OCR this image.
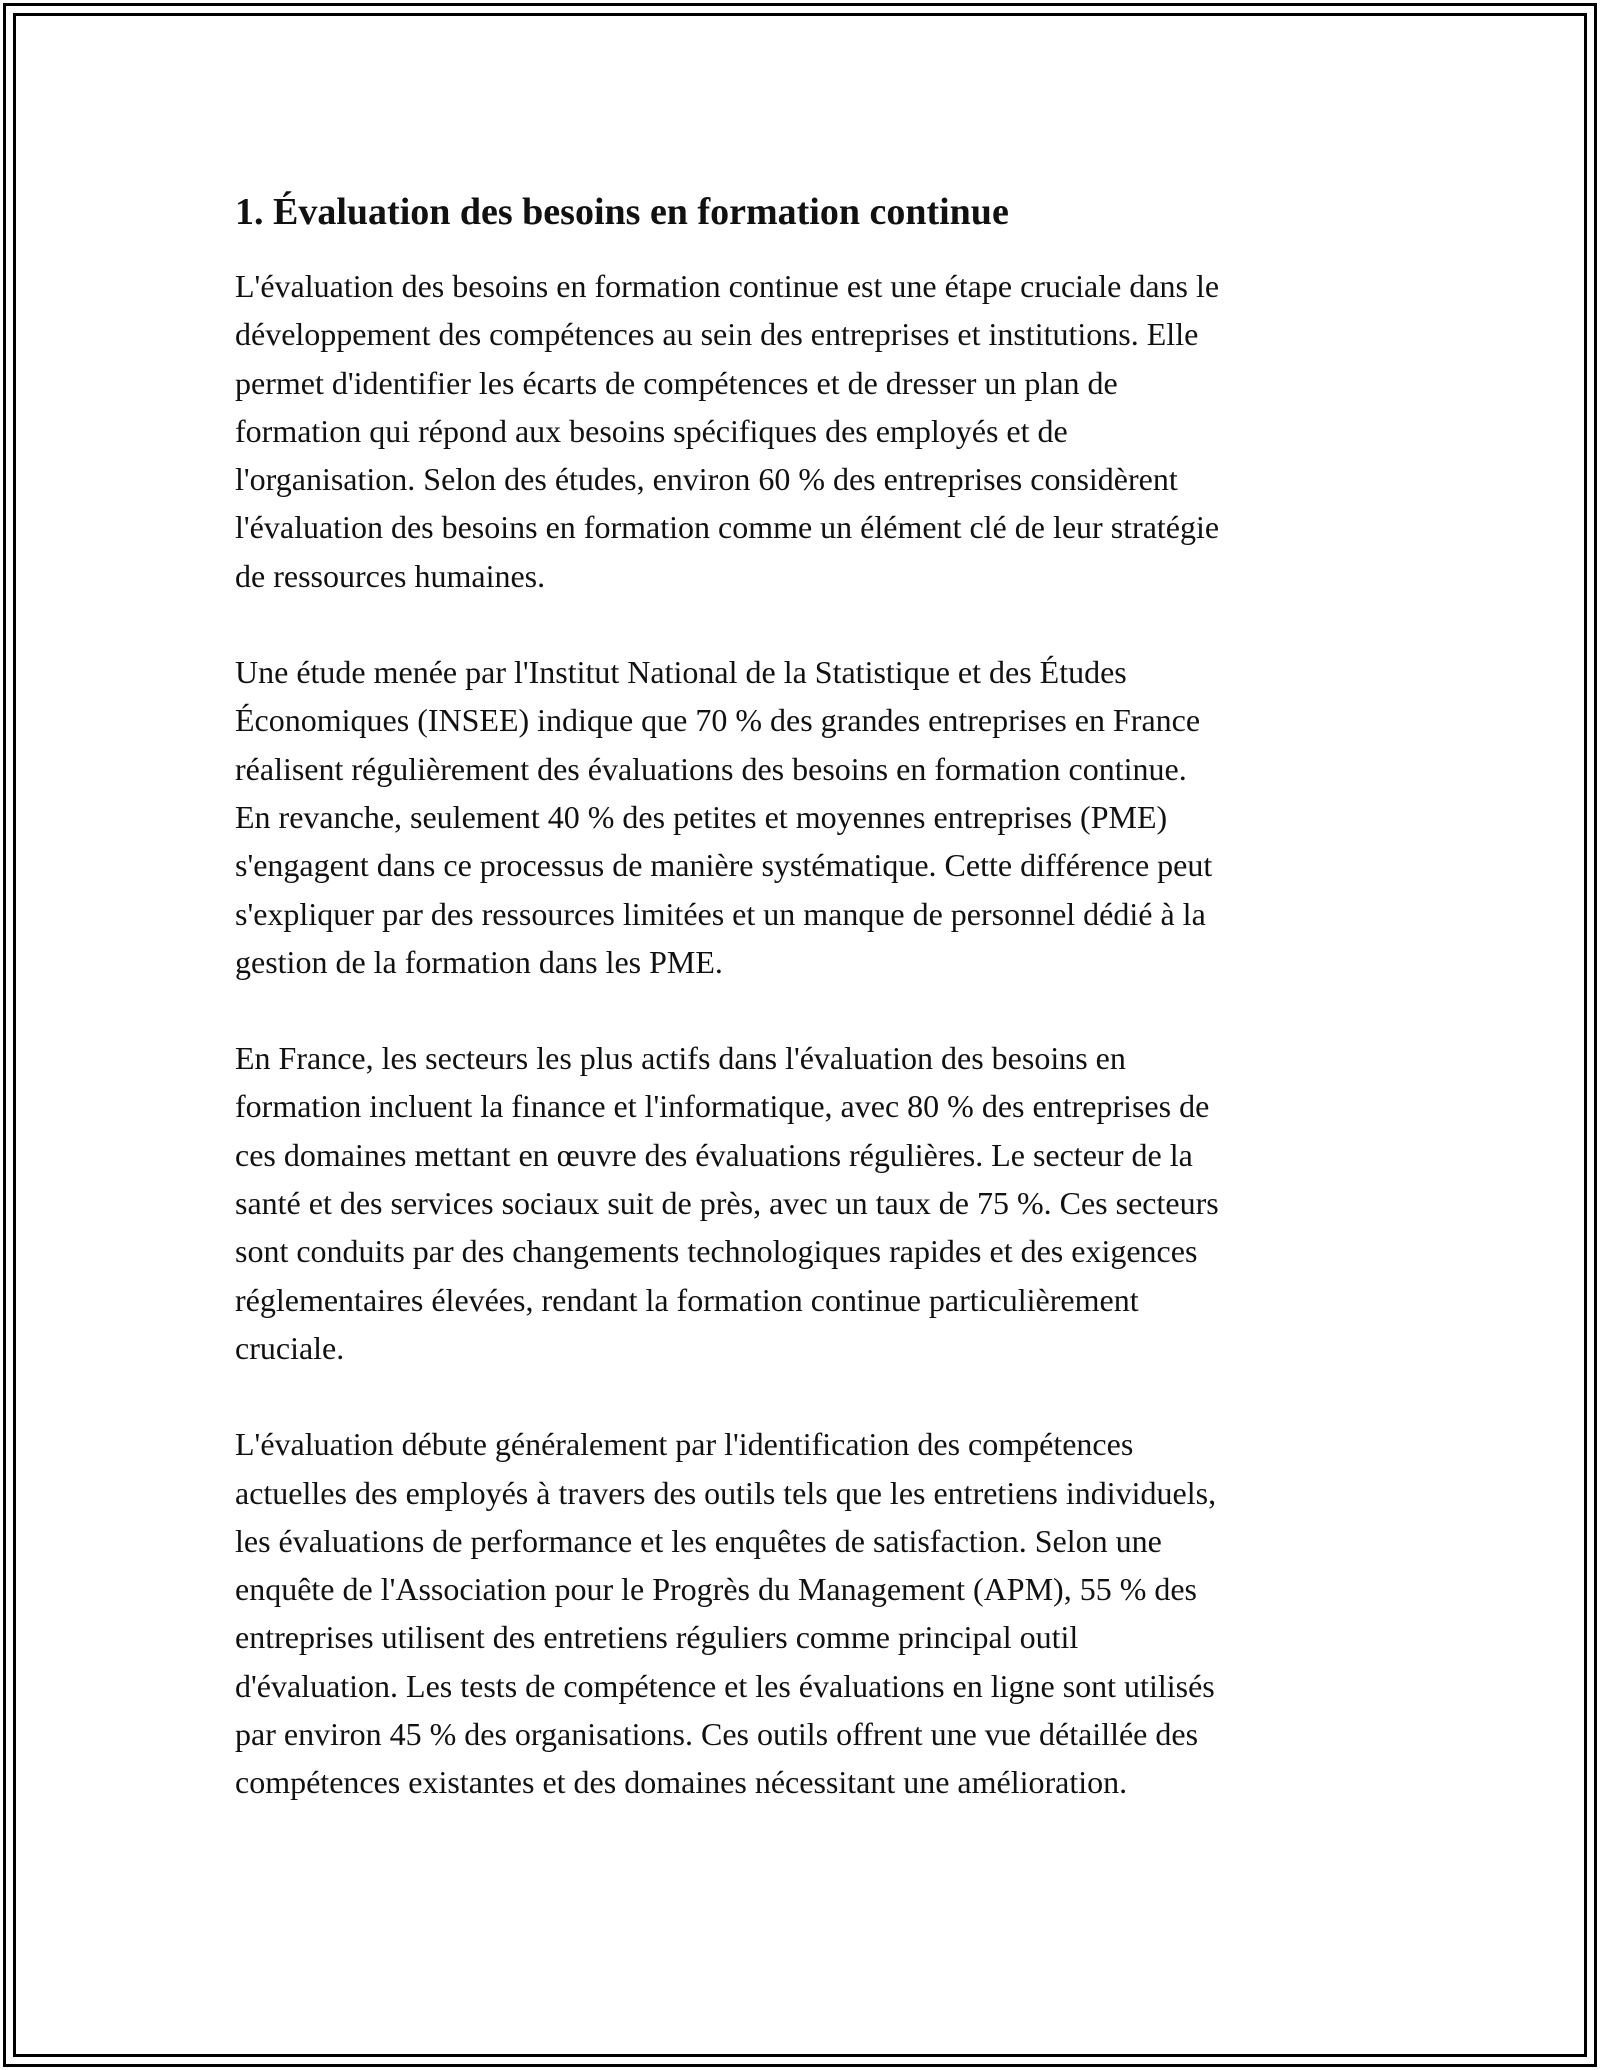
1. Évaluation des besoins en formation continue

L'évaluation des besoins en formation continue est une étape cruciale dans le
développement des compétences au sein des entreprises et institutions. Elle
permet d'identifier les écarts de compétences et de dresser un plan de
formation qui répond aux besoins spécifiques des employés et de
l'organisation. Selon des études, environ 60 % des entreprises considèrent
l'évaluation des besoins en formation comme un élément clé de leur stratégie
de ressources humaines.

Une étude menée par l'Institut National de la Statistique et des Études
Économiques (INSEE) indique que 70 % des grandes entreprises en France
réalisent régulièrement des évaluations des besoins en formation continue.
En revanche, seulement 40 % des petites et moyennes entreprises (PME)
s'engagent dans ce processus de manière systématique. Cette différence peut
s'expliquer par des ressources limitées et un manque de personnel dédié à la
gestion de la formation dans les PME.

En France, les secteurs les plus actifs dans l'évaluation des besoins en
formation incluent la finance et l'informatique, avec 80 % des entreprises de
ces domaines mettant en œuvre des évaluations régulières. Le secteur de la
santé et des services sociaux suit de près, avec un taux de 75 %. Ces secteurs
sont conduits par des changements technologiques rapides et des exigences
réglementaires élevées, rendant la formation continue particulièrement
cruciale.

L'évaluation débute généralement par l'identification des compétences
actuelles des employés à travers des outils tels que les entretiens individuels,
les évaluations de performance et les enquêtes de satisfaction. Selon une
enquête de l'Association pour le Progrès du Management (APM), 55 % des
entreprises utilisent des entretiens réguliers comme principal outil
d'évaluation. Les tests de compétence et les évaluations en ligne sont utilisés
par environ 45 % des organisations. Ces outils offrent une vue détaillée des
compétences existantes et des domaines nécessitant une amélioration.
